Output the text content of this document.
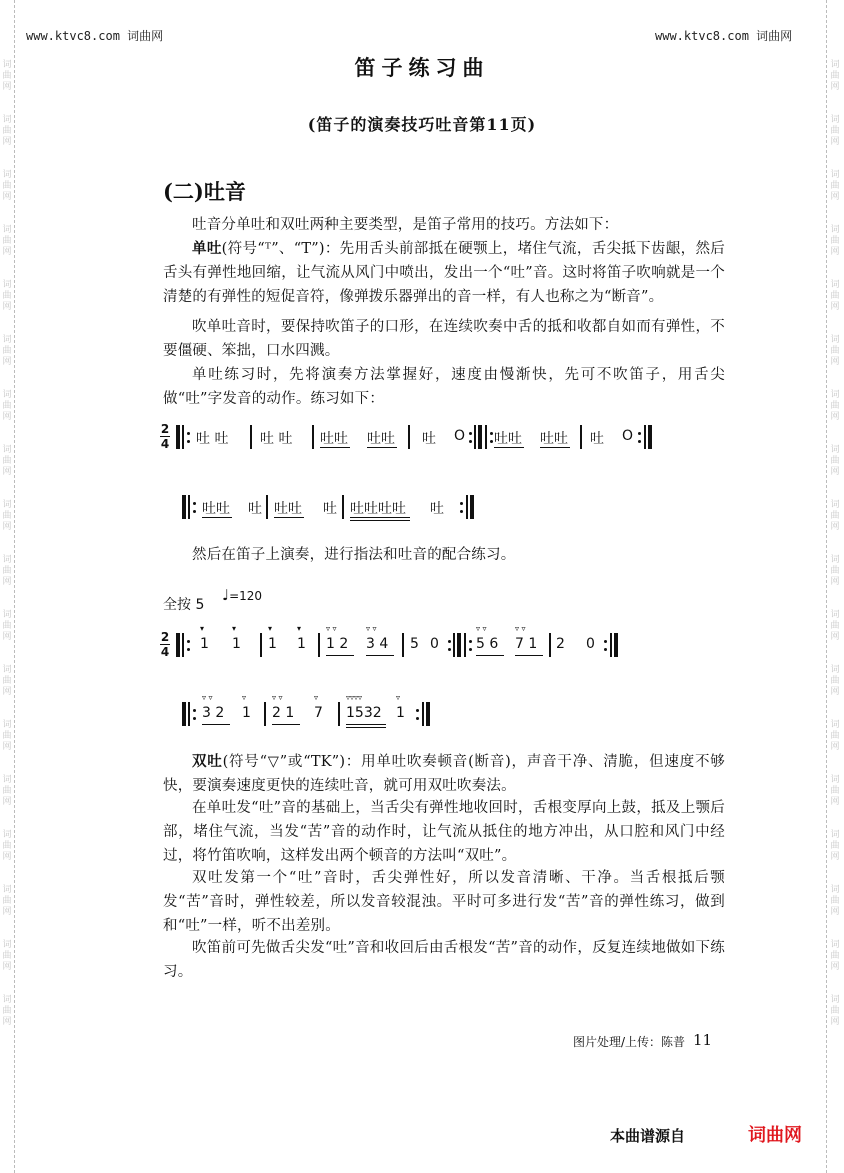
www.ktvc8.com 词曲网	www.ktvc8.com 词曲网
词
曲
网
词
曲
网
词
曲
网
词
曲
网
词
曲
网
词
曲
网
词
曲
网
词
曲
网
词
曲
网
词
曲
网
词
曲
网
词
曲
网
词
曲
网
词
曲
网
词
曲
网
词
曲
网
词
曲
网
词
曲
网
词
曲
网
词
曲
网
词
曲
网
词
曲
网
词
曲
网
词
曲
网
词
曲
网
词
曲
网
词
曲
网
词
曲
网
词
曲
网
词
曲
网
词
曲
网
词
曲
网
词
曲
网
词
曲
网
词
曲
网
词
曲
网
笛子练习曲
(笛子的演奏技巧吐音第11页)
(二)吐音
吐音分单吐和双吐两种主要类型，是笛子常用的技巧。方法如下：
单吐(符号“ᵀ”、“T”)：先用舌头前部抵在硬颚上，堵住气流，舌尖抵下齿龈，然后舌头有弹性地回缩，让气流从风门中喷出，发出一个“吐”音。这时将笛子吹响就是一个清楚的有弹性的短促音符，像弹拨乐器弹出的音一样，有人也称之为“断音”。
吹单吐音时，要保持吹笛子的口形，在连续吹奏中舌的抵和收都自如而有弹性，不要僵硬、笨拙，口水四溅。
单吐练习时，先将演奏方法掌握好，速度由慢渐快，先可不吹笛子，用舌尖做“吐”字发音的动作。练习如下：
2
4 吐 吐 吐 吐 吐吐 吐吐 吐 O 吐吐 吐吐 吐 O
吐吐 吐 吐吐 吐 吐吐吐吐 吐
然后在笛子上演奏，进行指法和吐音的配合练习。
全按 5
♩=120
2
4
▾
1
▾
1
▾
1
▾
1
▿ ▿
1 2
▿ ▿
3 4 5 0
▿ ▿
5 6
▿ ▿
7 1 2 0
▿ ▿
3 2
▿
1
▿ ▿
2 1
▿
7
▿▿▿▿
1532
▿
1
双吐(符号“▽”或“TK”)：用单吐吹奏顿音(断音)，声音干净、清脆，但速度不够快，要演奏速度更快的连续吐音，就可用双吐吹奏法。
在单吐发“吐”音的基础上，当舌尖有弹性地收回时，舌根变厚向上鼓，抵及上颚后部，堵住气流，当发“苦”音的动作时，让气流从抵住的地方冲出，从口腔和风门中经过，将竹笛吹响，这样发出两个顿音的方法叫“双吐”。
双吐发第一个“吐”音时，舌尖弹性好，所以发音清晰、干净。当舌根抵后颚发“苦”音时，弹性较差，所以发音较混浊。平时可多进行发“苦”音的弹性练习，做到和“吐”一样，听不出差别。
吹笛前可先做舌尖发“吐”音和收回后由舌根发“苦”音的动作，反复连续地做如下练习。
图片处理/上传：陈普 11
本曲谱源自	词曲网
